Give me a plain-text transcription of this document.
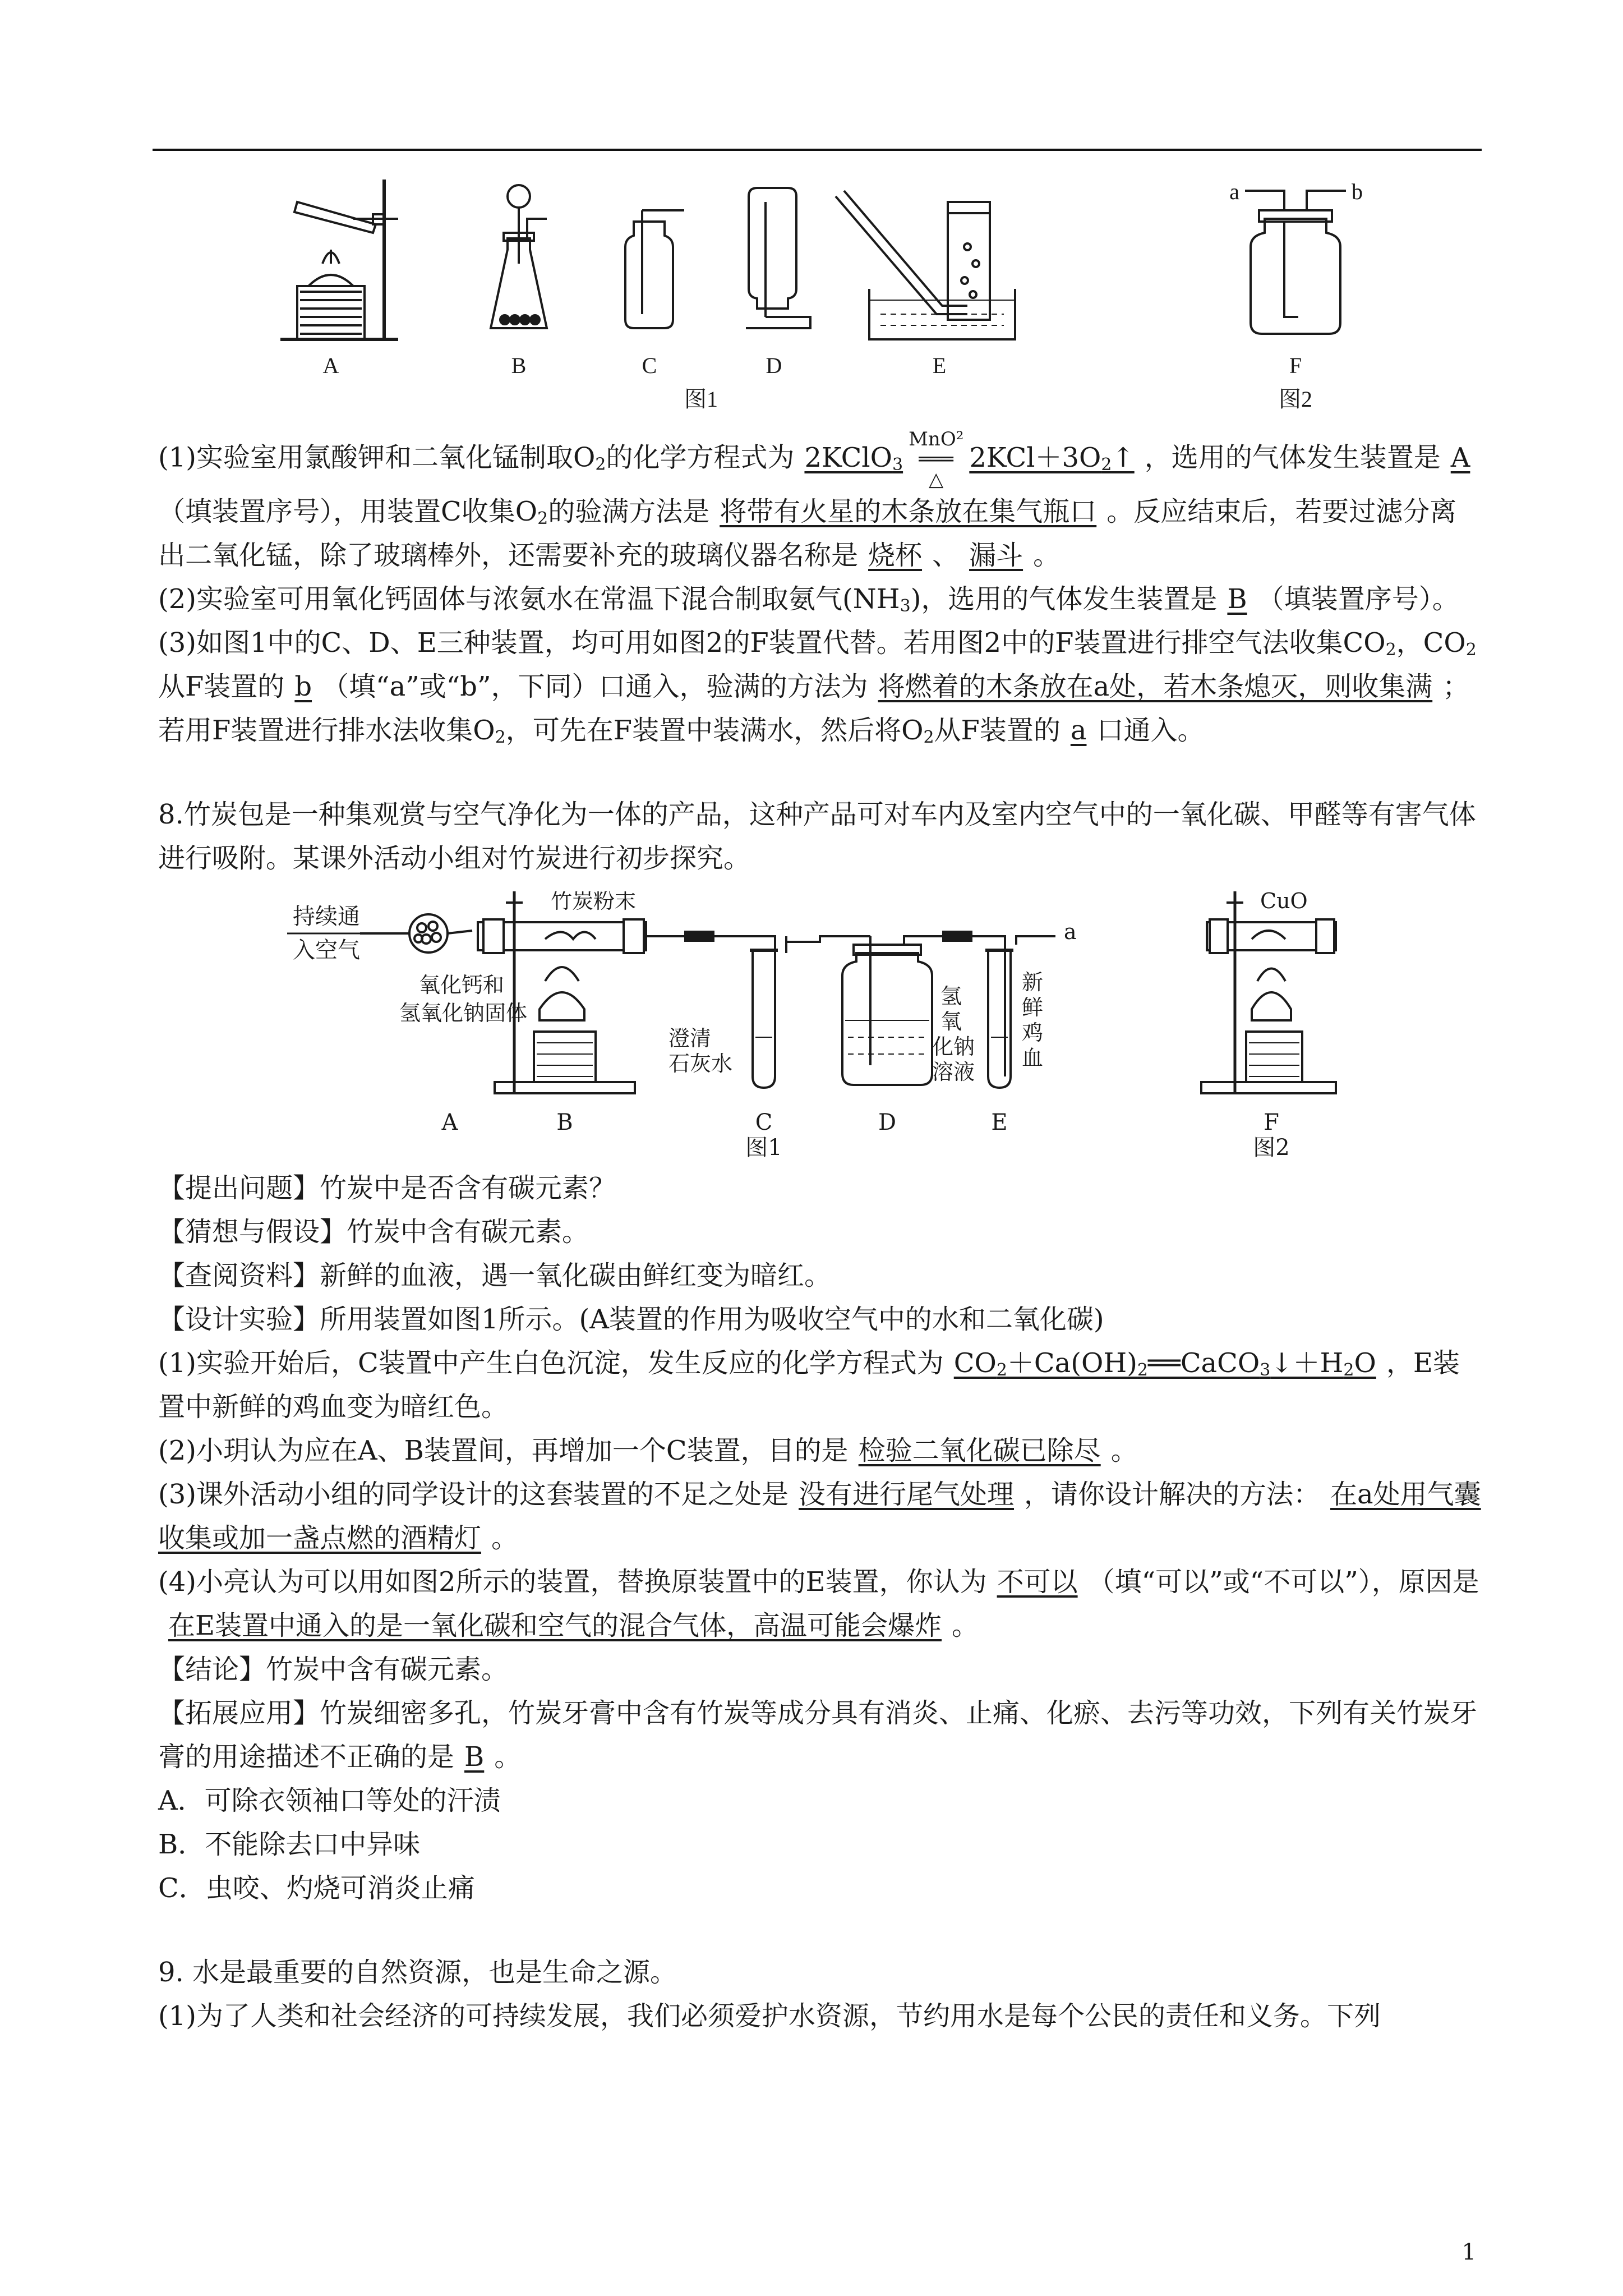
A	B	C	D	E	F
a	b
图1	图2

(1)实验室用氯酸钾和二氧化锰制取$O_2$的化学方程式为 2KClO$_3$
MnO²
═══
△
$2KCl+3O_2↑$ ，选用的气体发生装置是 A（填装置序号），用装置C收集$O_2$的验满方法是 将带有火星的木条放在集气瓶口 。反应结束后，若要过滤分离出二氧化锰，除了玻璃棒外，还需要补充的玻璃仪器名称是 烧杯 、 漏斗 。

(2)实验室可用氧化钙固体与浓氨水在常温下混合制取氨气$(NH_3)$，选用的气体发生装置是 B （填装置序号）。

(3)如图1中的C、D、E三种装置，均可用如图2的F装置代替。若用图2中的F装置进行排空气法收集$CO_2$，$CO_2$从F装置的 b （填“a”或“b”，下同）口通入，验满的方法为 将燃着的木条放在a处，若木条熄灭，则收集满 ；若用F装置进行排水法收集$O_2$，可先在F装置中装满水，然后将$O_2$从F装置的 a 口通入。

8.竹炭包是一种集观赏与空气净化为一体的产品，这种产品可对车内及室内空气中的一氧化碳、甲醛等有害气体进行吸附。某课外活动小组对竹炭进行初步探究。

持续通
入空气
氧化钙和
氢氧化钠固体
竹炭粉末
澄清
石灰水
氢
氧
化钠
溶液
a
新
鲜
鸡
血
CuO
A	B	C	D	E	F
图1	图2

【提出问题】竹炭中是否含有碳元素？

【猜想与假设】竹炭中含有碳元素。

【查阅资料】新鲜的血液，遇一氧化碳由鲜红变为暗红。

【设计实验】所用装置如图1所示。(A装置的作用为吸收空气中的水和二氧化碳)

(1)实验开始后，C装置中产生白色沉淀，发生反应的化学方程式为 $CO_2+Ca(OH)_2══CaCO_3↓+H_2O$ ，E装置中新鲜的鸡血变为暗红色。

(2)小玥认为应在A、B装置间，再增加一个C装置，目的是 检验二氧化碳已除尽 。

(3)课外活动小组的同学设计的这套装置的不足之处是 没有进行尾气处理 ，请你设计解决的方法： 在a处用气囊收集或加一盏点燃的酒精灯 。

(4)小亮认为可以用如图2所示的装置，替换原装置中的E装置，你认为 不可以 （填“可以”或“不可以”），原因是在E装置中通入的是一氧化碳和空气的混合气体，高温可能会爆炸 。

【结论】竹炭中含有碳元素。

【拓展应用】竹炭细密多孔，竹炭牙膏中含有竹炭等成分具有消炎、止痛、化瘀、去污等功效，下列有关竹炭牙膏的用途描述不正确的是 B 。

A．可除衣领袖口等处的汗渍

B．不能除去口中异味

C．虫咬、灼烧可消炎止痛

9. 水是最重要的自然资源，也是生命之源。

(1)为了人类和社会经济的可持续发展，我们必须爱护水资源，节约用水是每个公民的责任和义务。下列

1
